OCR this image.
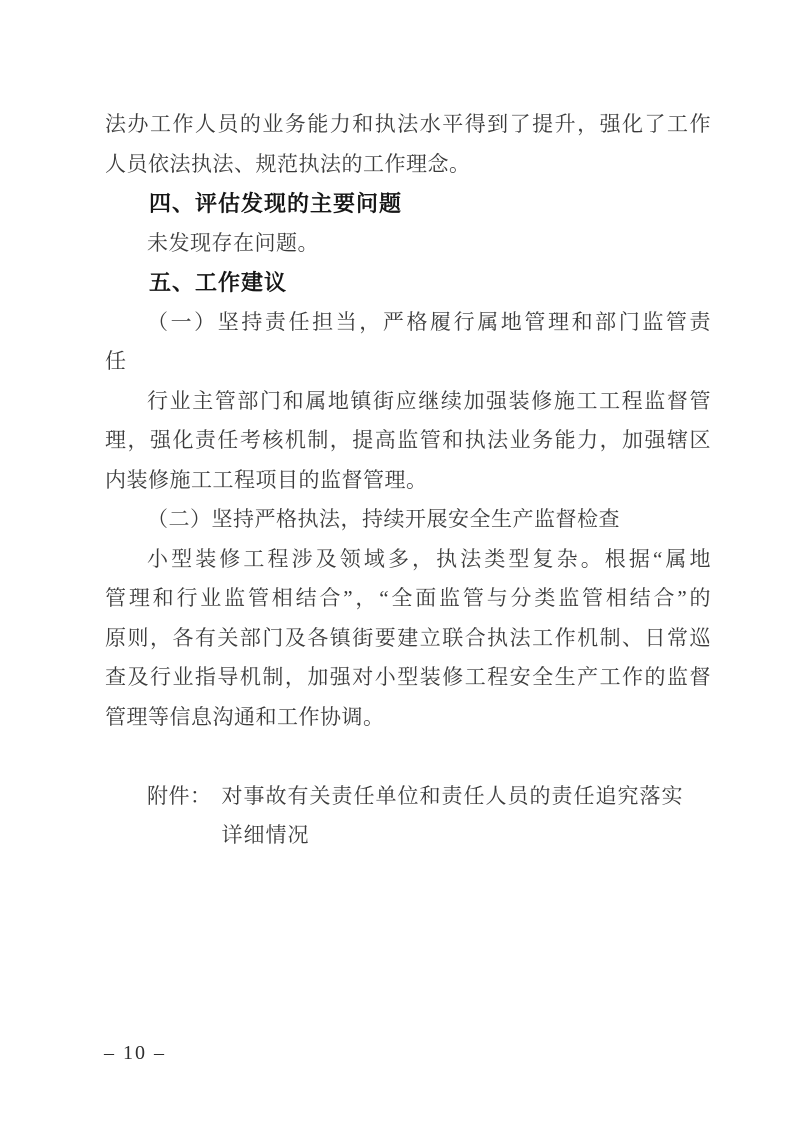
法办工作人员的业务能力和执法水平得到了提升，强化了工作
人员依法执法、规范执法的工作理念。
四、评估发现的主要问题
未发现存在问题。
五、工作建议
（一）坚持责任担当，严格履行属地管理和部门监管责
任
行业主管部门和属地镇街应继续加强装修施工工程监督管
理，强化责任考核机制，提高监管和执法业务能力，加强辖区
内装修施工工程项目的监督管理。
（二）坚持严格执法，持续开展安全生产监督检查
小型装修工程涉及领域多，执法类型复杂。根据“属地
管理和行业监管相结合”，“全面监管与分类监管相结合”的
原则，各有关部门及各镇街要建立联合执法工作机制、日常巡
查及行业指导机制，加强对小型装修工程安全生产工作的监督
管理等信息沟通和工作协调。
附件： 对事故有关责任单位和责任人员的责任追究落实
详细情况
– 10 –
